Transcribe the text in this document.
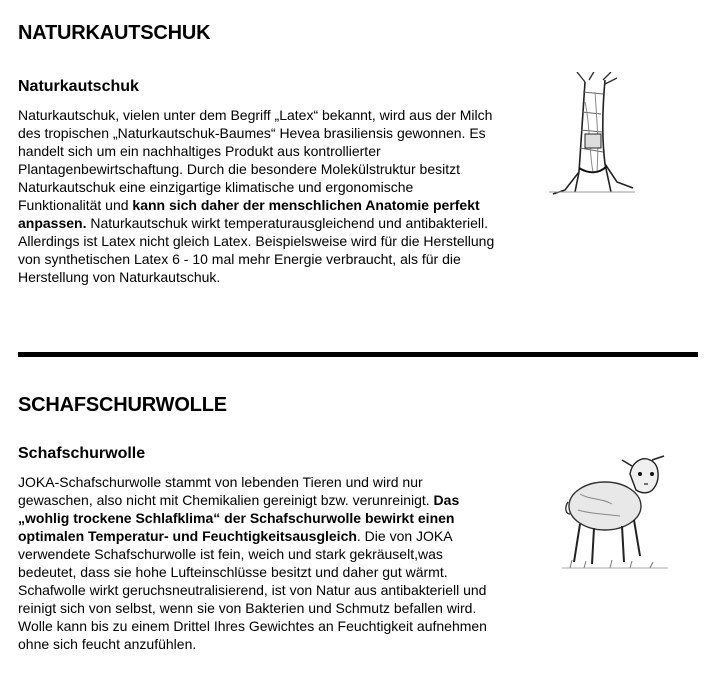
NATURKAUTSCHUK
Naturkautschuk

Naturkautschuk, vielen unter dem Begriff „Latex“ bekannt, wird aus der Milch des tropischen „Naturkautschuk-Baumes“ Hevea brasiliensis gewonnen. Es handelt sich um ein nachhaltiges Produkt aus kontrollierter Plantagenbewirtschaftung. Durch die besondere Molekülstruktur besitzt Naturkautschuk eine einzigartige klimatische und ergonomische Funktionalität und kann sich daher der menschlichen Anatomie perfekt anpassen. Naturkautschuk wirkt temperaturausgleichend und antibakteriell. Allerdings ist Latex nicht gleich Latex. Beispielsweise wird für die Herstellung von synthetischen Latex 6 - 10 mal mehr Energie verbraucht, als für die Herstellung von Naturkautschuk.

SCHAFSCHURWOLLE
Schafschurwolle

JOKA-Schafschurwolle stammt von lebenden Tieren und wird nur gewaschen, also nicht mit Chemikalien gereinigt bzw. verunreinigt. Das „wohlig trockene Schlafklima“ der Schafschurwolle bewirkt einen optimalen Temperatur- und Feuchtigkeitsausgleich. Die von JOKA verwendete Schafschurwolle ist fein, weich und stark gekräuselt,was bedeutet, dass sie hohe Lufteinschlüsse besitzt und daher gut wärmt. Schafwolle wirkt geruchsneutralisierend, ist von Natur aus antibakteriell und reinigt sich von selbst, wenn sie von Bakterien und Schmutz befallen wird. Wolle kann bis zu einem Drittel Ihres Gewichtes an Feuchtigkeit aufnehmen ohne sich feucht anzufühlen.
